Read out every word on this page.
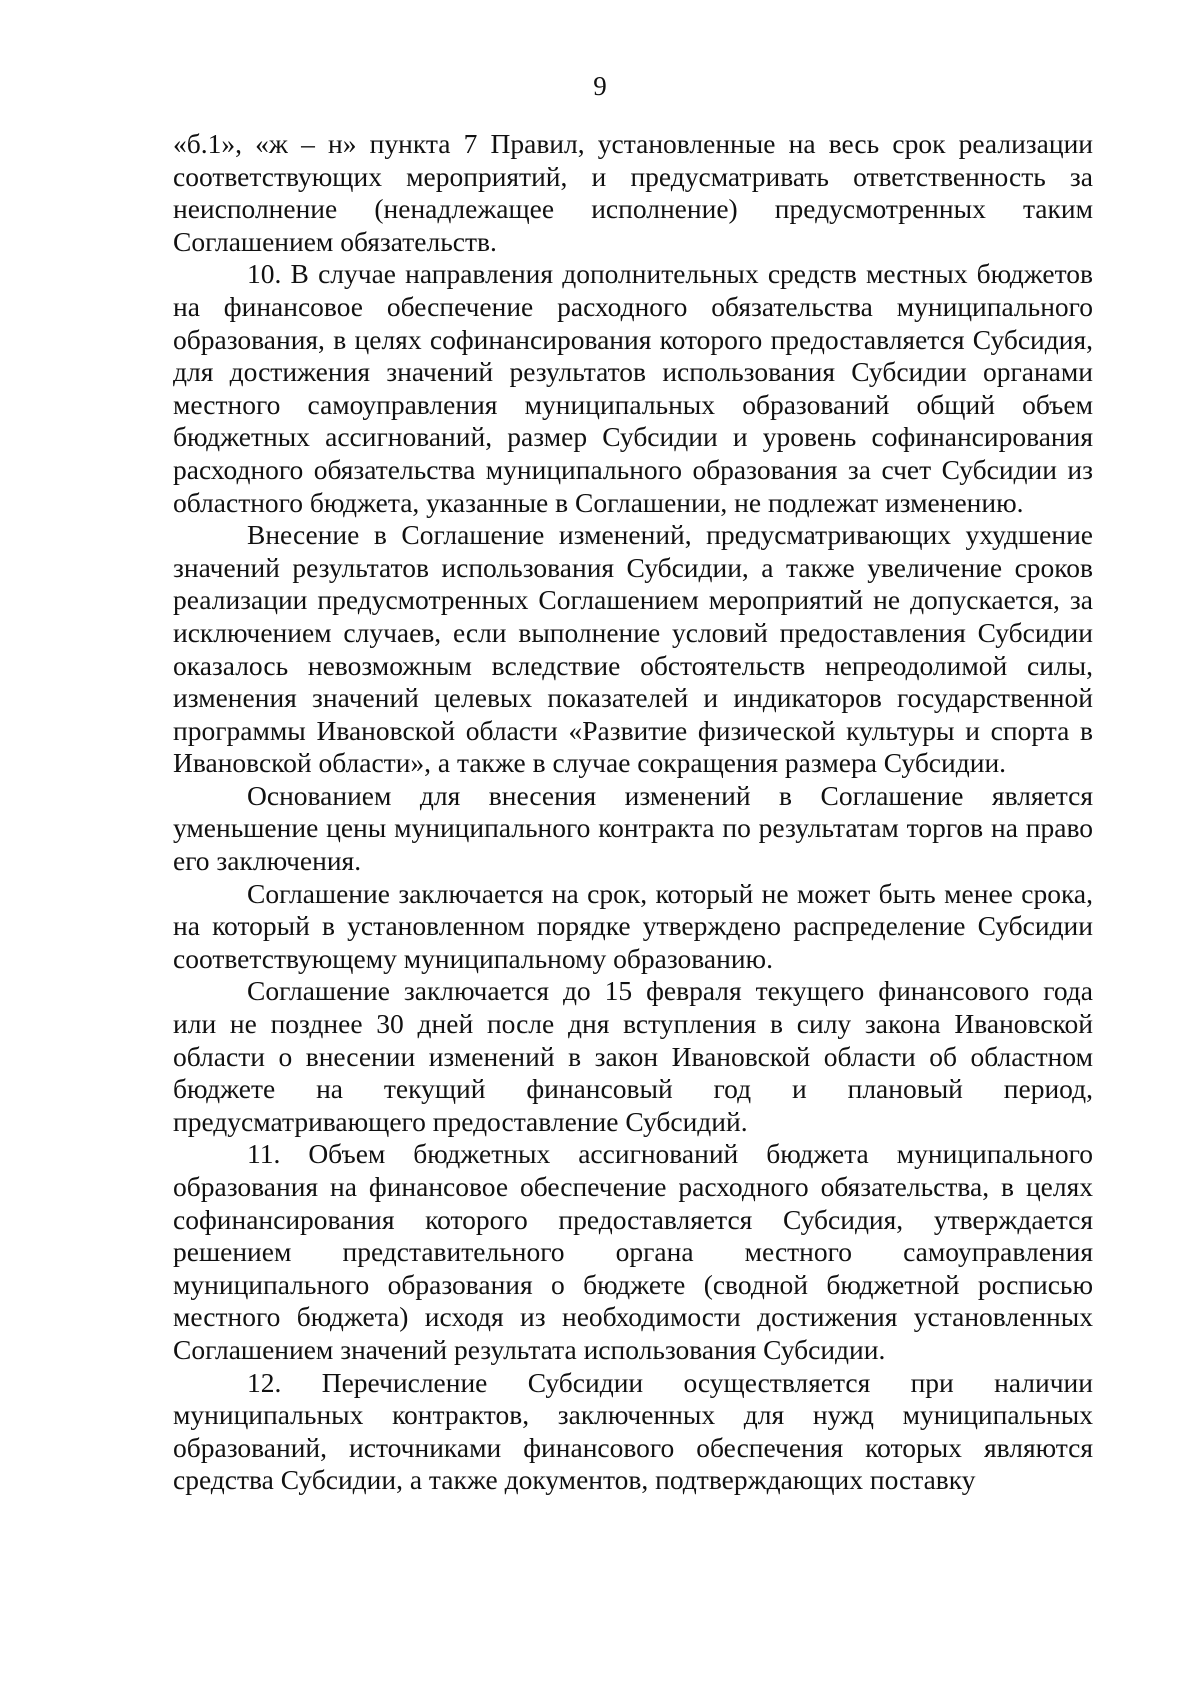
9

«б.1», «ж – н» пункта 7 Правил, установленные на весь срок реализации соответствующих мероприятий, и предусматривать ответственность за неисполнение (ненадлежащее исполнение) предусмотренных таким Соглашением обязательств.

10. В случае направления дополнительных средств местных бюджетов на финансовое обеспечение расходного обязательства муниципального образования, в целях софинансирования которого предоставляется Субсидия, для достижения значений результатов использования Субсидии органами местного самоуправления муниципальных образований общий объем бюджетных ассигнований, размер Субсидии и уровень софинансирования расходного обязательства муниципального образования за счет Субсидии из областного бюджета, указанные в Соглашении, не подлежат изменению.

Внесение в Соглашение изменений, предусматривающих ухудшение значений результатов использования Субсидии, а также увеличение сроков реализации предусмотренных Соглашением мероприятий не допускается, за исключением случаев, если выполнение условий предоставления Субсидии оказалось невозможным вследствие обстоятельств непреодолимой силы, изменения значений целевых показателей и индикаторов государственной программы Ивановской области «Развитие физической культуры и спорта в Ивановской области», а также в случае сокращения размера Субсидии.

Основанием для внесения изменений в Соглашение является уменьшение цены муниципального контракта по результатам торгов на право его заключения.

Соглашение заключается на срок, который не может быть менее срока, на который в установленном порядке утверждено распределение Субсидии соответствующему муниципальному образованию.

Соглашение заключается до 15 февраля текущего финансового года или не позднее 30 дней после дня вступления в силу закона Ивановской области о внесении изменений в закон Ивановской области об областном бюджете на текущий финансовый год и плановый период, предусматривающего предоставление Субсидий.

11. Объем бюджетных ассигнований бюджета муниципального образования на финансовое обеспечение расходного обязательства, в целях софинансирования которого предоставляется Субсидия, утверждается решением представительного органа местного самоуправления муниципального образования о бюджете (сводной бюджетной росписью местного бюджета) исходя из необходимости достижения установленных Соглашением значений результата использования Субсидии.

12. Перечисление Субсидии осуществляется при наличии муниципальных контрактов, заключенных для нужд муниципальных образований, источниками финансового обеспечения которых являются средства Субсидии, а также документов, подтверждающих поставку
